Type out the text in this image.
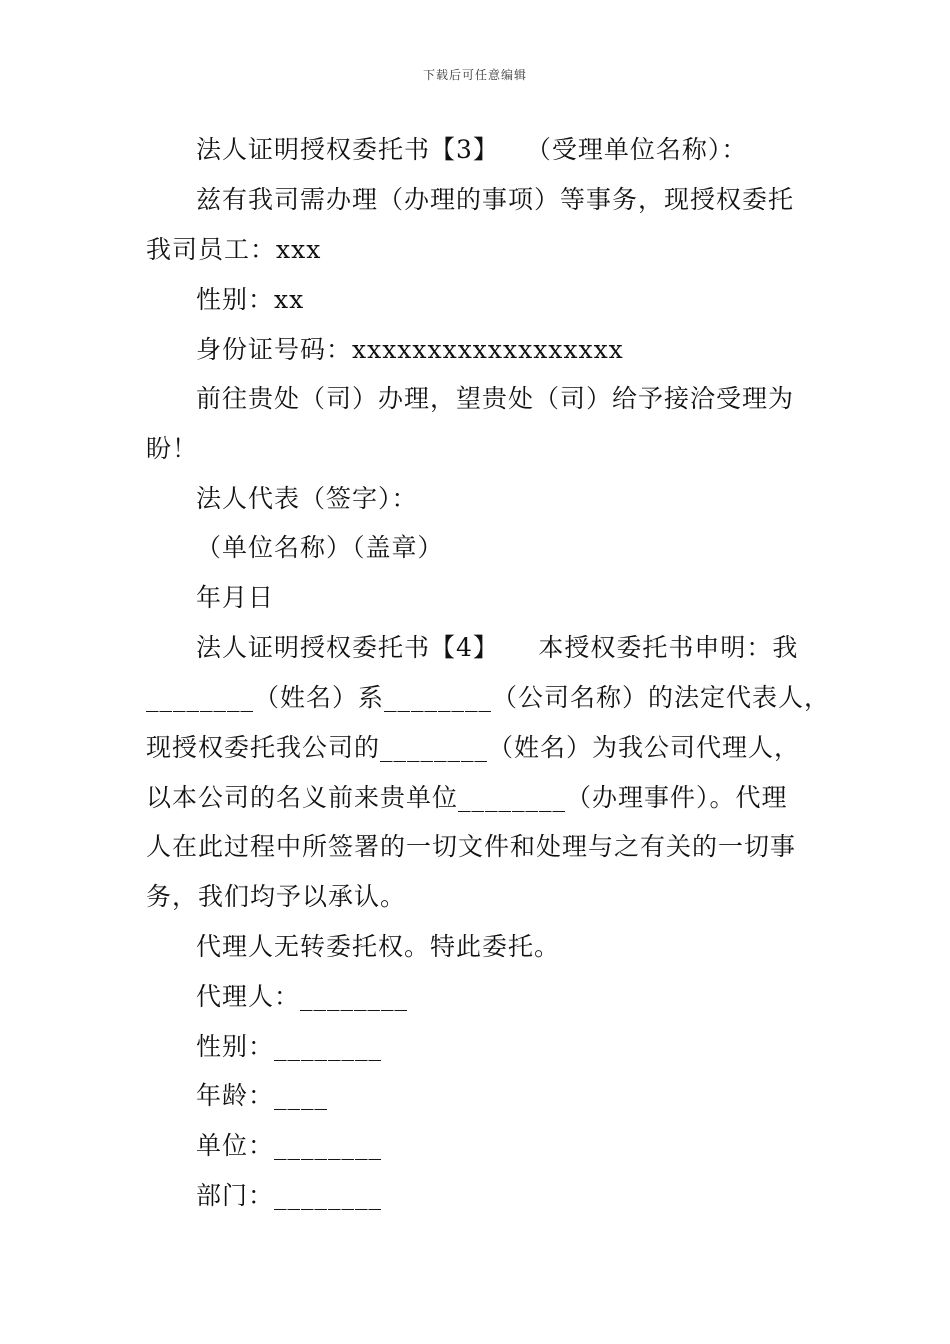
下载后可任意编辑
法人证明授权委托书【3】　　（受理单位名称）：
兹有我司需办理（办理的事项）等事务，现授权委托
我司员工：xxx
性别：xx
身份证号码：xxxxxxxxxxxxxxxxxx
前往贵处（司）办理，望贵处（司）给予接洽受理为
盼！
法人代表（签字）：
（单位名称）（盖章）
年月日
法人证明授权委托书【4】　　本授权委托书申明：我
________（姓名）系________（公司名称）的法定代表人，
现授权委托我公司的________（姓名）为我公司代理人，
以本公司的名义前来贵单位________（办理事件）。代理
人在此过程中所签署的一切文件和处理与之有关的一切事
务，我们均予以承认。
代理人无转委托权。特此委托。
代理人：________
性别：________
年龄：____
单位：________
部门：________
